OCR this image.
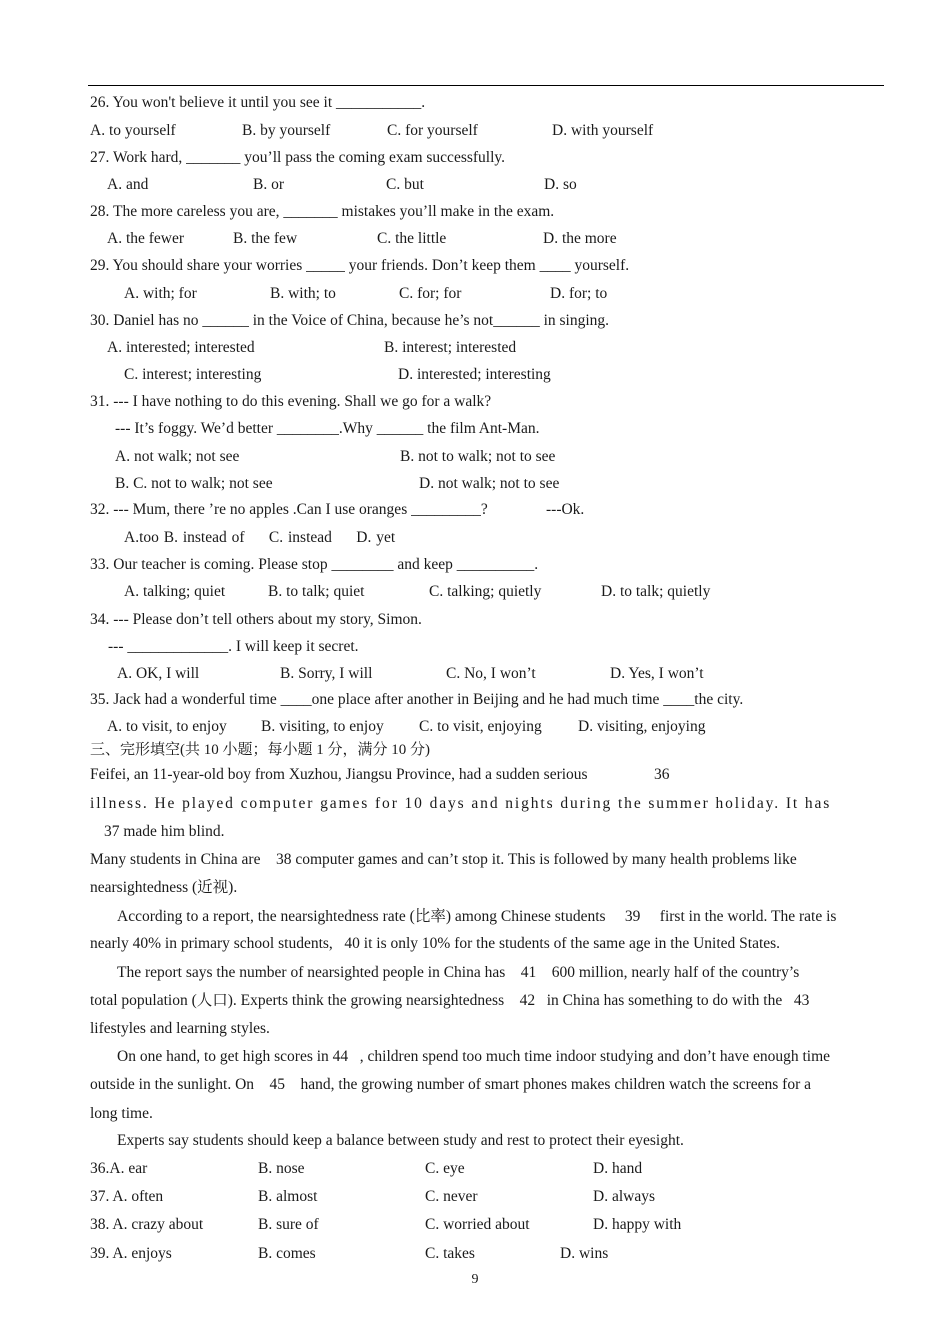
26. You won't believe it until you see it ___________.
A. to yourself	B. by yourself	C. for yourself	D. with yourself
27. Work hard, _______ you’ll pass the coming exam successfully.
A. and	B. or	C. but	D. so
28. The more careless you are, _______ mistakes you’ll make in the exam.
A. the fewer	B. the few	C. the little	D. the more
29. You should share your worries _____ your friends. Don’t keep them ____ yourself.
A. with; for	B. with; to	C. for; for	D. for; to
30. Daniel has no ______ in the Voice of China, because he’s not______ in singing.
A. interested; interested	B. interest; interested
C. interest; interesting	D. interested; interesting
31. --- I have nothing to do this evening. Shall we go for a walk?
--- It’s foggy. We’d better ________.Why ______ the film Ant-Man.
A. not walk; not see	B. not to walk; not to see
B. C. not to walk; not see	D. not walk; not to see
32. --- Mum, there ’re no apples .Can I use oranges _________?	---Ok.
A.too B. instead of     C. instead     D. yet
33. Our teacher is coming. Please stop ________ and keep __________.
A. talking; quiet	B. to talk; quiet	C. talking; quietly	D. to talk; quietly
34. --- Please don’t tell others about my story, Simon.
--- _____________. I will keep it secret.
A. OK, I will	B. Sorry, I will	C. No, I won’t	D. Yes, I won’t
35. Jack had a wonderful time ____one place after another in Beijing and he had much time ____the city.
A. to visit, to enjoy B. visiting, to enjoy C. to visit, enjoying D. visiting, enjoying
三、完形填空(共 10 小题；每小题 1 分，满分 10 分)
Feifei, an 11-year-old boy from Xuzhou, Jiangsu Province, had a sudden serious	36
illness. He played computer games for 10 days and nights during the summer holiday. It has
37 made him blind.
Many students in China are    38 computer games and can’t stop it. This is followed by many health problems like
nearsightedness (近视).
According to a report, the nearsightedness rate (比率) among Chinese students     39     first in the world. The rate is
nearly 40% in primary school students,   40 it is only 10% for the students of the same age in the United States.
The report says the number of nearsighted people in China has    41    600 million, nearly half of the country’s
total population (人口). Experts think the growing nearsightedness    42   in China has something to do with the   43
lifestyles and learning styles.
On one hand, to get high scores in 44   , children spend too much time indoor studying and don’t have enough time
outside in the sunlight. On    45    hand, the growing number of smart phones makes children watch the screens for a
long time.
Experts say students should keep a balance between study and rest to protect their eyesight.
36.A. ear	B. nose	C. eye	D. hand
37. A. often	B. almost	C. never	D. always
38. A. crazy about	B. sure of	C. worried about	D. happy with
39. A. enjoys	B. comes	C. takes	D. wins
9
